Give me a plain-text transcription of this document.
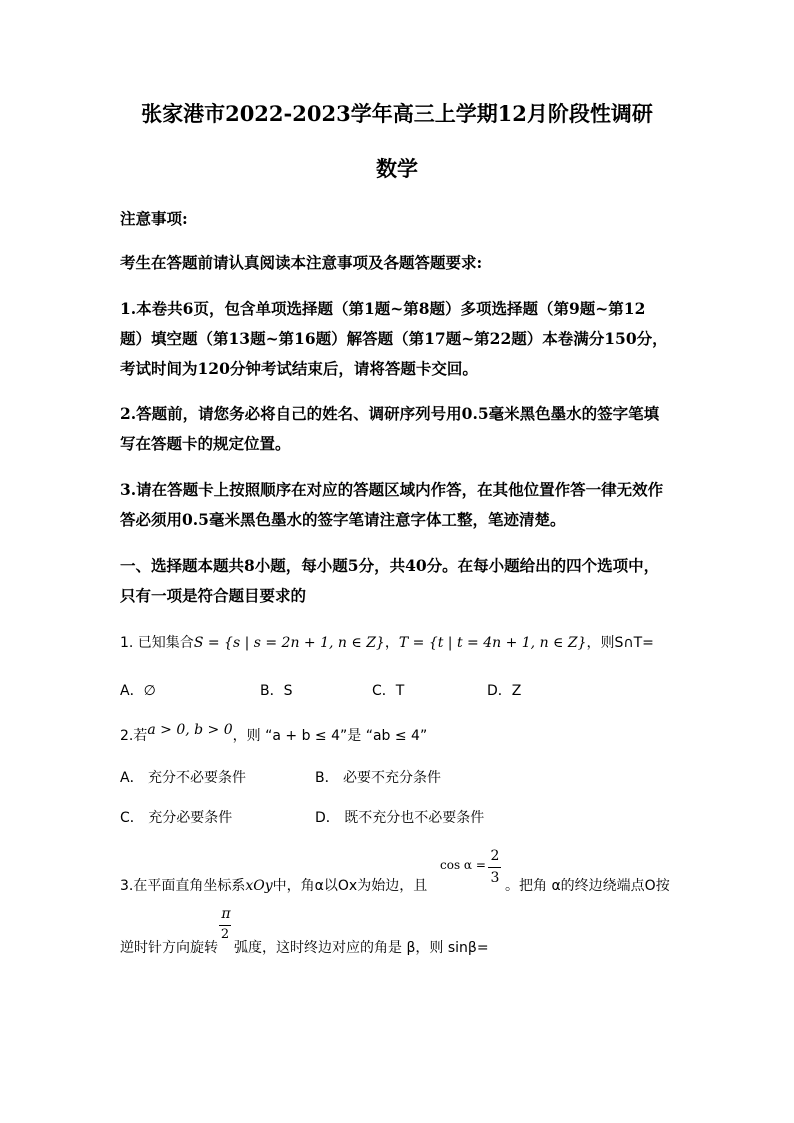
张家港市2022-2023学年高三上学期12月阶段性调研
数学
注意事项:
考生在答题前请认真阅读本注意事项及各题答题要求:
1.本卷共6页，包含单项选择题（第1题~第8题）多项选择题（第9题~第12
题）填空题（第13题~第16题）解答题（第17题~第22题）本卷满分150分，
考试时间为120分钟考试结束后，请将答题卡交回。
2.答题前，请您务必将自己的姓名、调研序列号用0.5毫米黑色墨水的签字笔填
写在答题卡的规定位置。
3.请在答题卡上按照顺序在对应的答题区域内作答，在其他位置作答一律无效作
答必须用0.5毫米黑色墨水的签字笔请注意字体工整，笔迹清楚。
一、选择题本题共8小题，每小题5分，共40分。在每小题给出的四个选项中，
只有一项是符合题目要求的
1. 已知集合S = {s | s = 2n + 1, n ∈ Z}，T = {t | t = 4n + 1, n ∈ Z}，则S∩T=
A．∅	B．S	C．T	D．Z
2.若a > 0, b > 0，则 “a + b ≤ 4”是 “ab ≤ 4”
A． 充分不必要条件	B． 必要不充分条件
C． 充分必要条件	D． 既不充分也不必要条件
3.在平面直角坐标系xOy中，角α以Ox为始边，且
cos α =
2
3 。把角 α的终边绕端点O按
逆时针方向旋转 弧度，这时终边对应的角是 β，则 sinβ=
π
2
